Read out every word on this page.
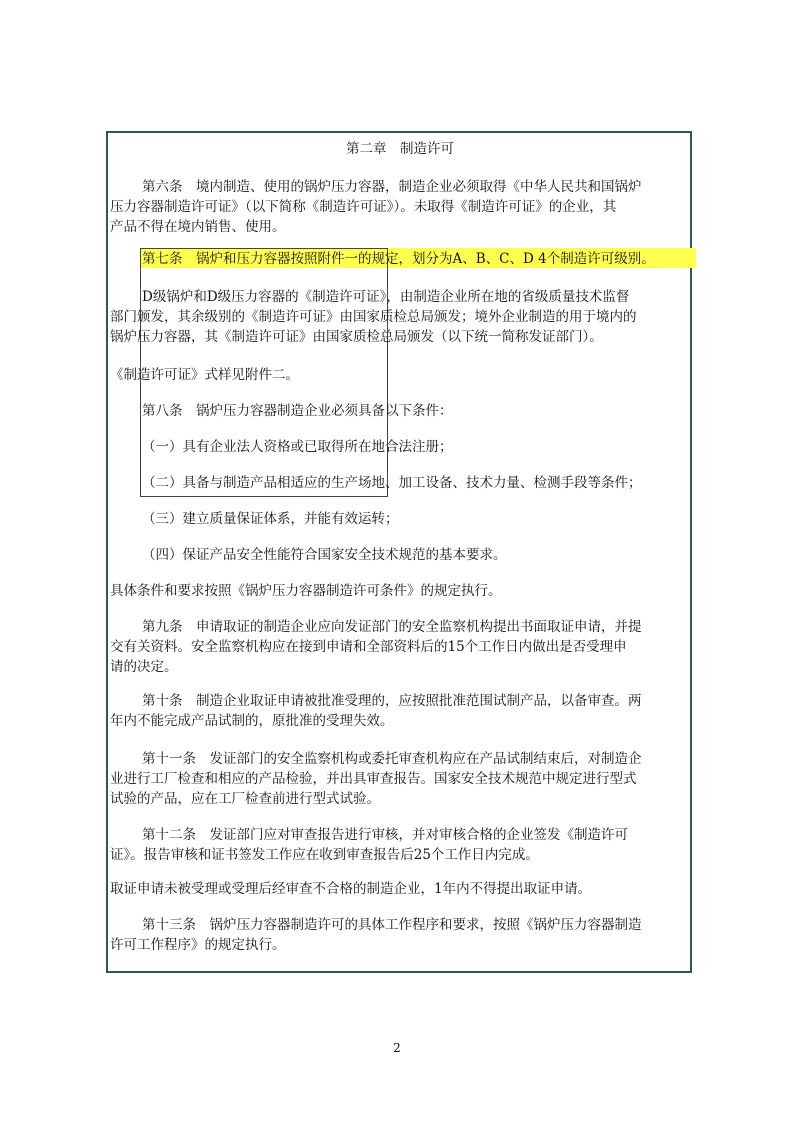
第二章　制造许可

第六条　境内制造、使用的锅炉压力容器，制造企业必须取得《中华人民共和国锅炉

压力容器制造许可证》（以下简称《制造许可证》）。未取得《制造许可证》的企业，其

产品不得在境内销售、使用。

第七条　锅炉和压力容器按照附件一的规定，划分为A、B、C、D 4个制造许可级别。

D级锅炉和D级压力容器的《制造许可证》，由制造企业所在地的省级质量技术监督

部门颁发，其余级别的《制造许可证》由国家质检总局颁发；境外企业制造的用于境内的

锅炉压力容器，其《制造许可证》由国家质检总局颁发（以下统一简称发证部门）。

《制造许可证》式样见附件二。

第八条　锅炉压力容器制造企业必须具备以下条件：

（一）具有企业法人资格或已取得所在地合法注册；

（二）具备与制造产品相适应的生产场地、加工设备、技术力量、检测手段等条件；

（三）建立质量保证体系，并能有效运转；

（四）保证产品安全性能符合国家安全技术规范的基本要求。

具体条件和要求按照《锅炉压力容器制造许可条件》的规定执行。

第九条　申请取证的制造企业应向发证部门的安全监察机构提出书面取证申请，并提

交有关资料。安全监察机构应在接到申请和全部资料后的15个工作日内做出是否受理申

请的决定。

第十条　制造企业取证申请被批准受理的，应按照批准范围试制产品，以备审查。两

年内不能完成产品试制的，原批准的受理失效。

第十一条　发证部门的安全监察机构或委托审查机构应在产品试制结束后，对制造企

业进行工厂检查和相应的产品检验，并出具审查报告。国家安全技术规范中规定进行型式

试验的产品，应在工厂检查前进行型式试验。

第十二条　发证部门应对审查报告进行审核，并对审核合格的企业签发《制造许可

证》。报告审核和证书签发工作应在收到审查报告后25个工作日内完成。

取证申请未被受理或受理后经审查不合格的制造企业，1年内不得提出取证申请。

第十三条　锅炉压力容器制造许可的具体工作程序和要求，按照《锅炉压力容器制造

许可工作程序》的规定执行。

2
